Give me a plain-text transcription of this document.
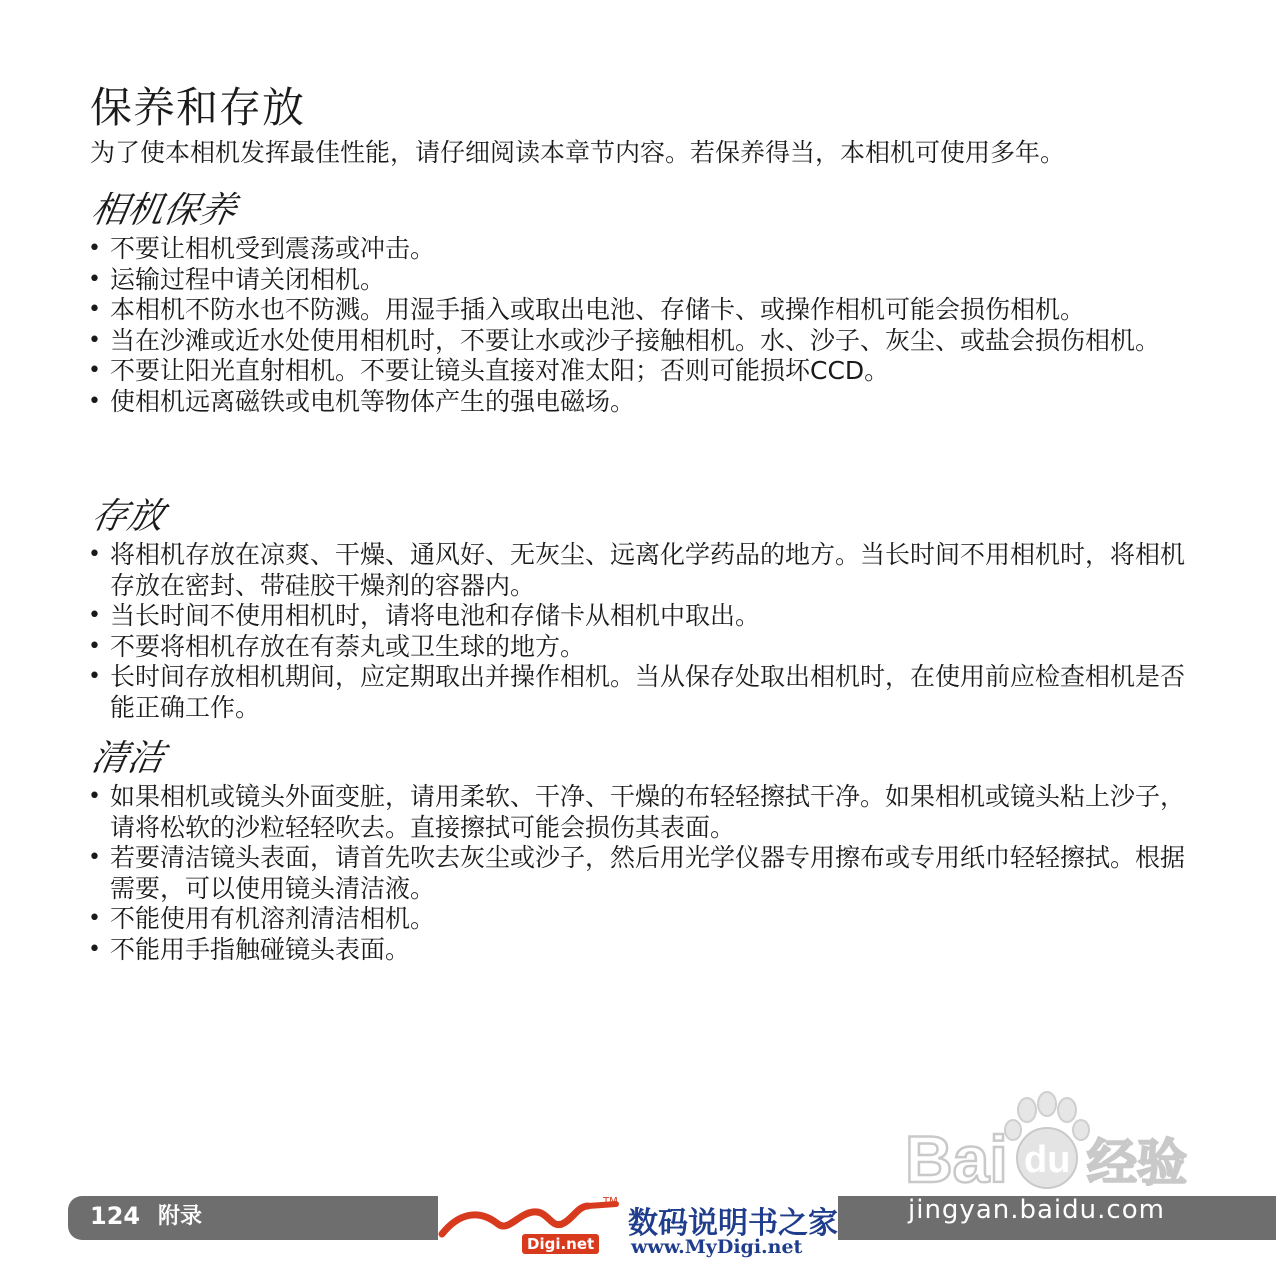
保养和存放

为了使本相机发挥最佳性能，请仔细阅读本章节内容。若保养得当，本相机可使用多年。

相机保养
• 不要让相机受到震荡或冲击。
• 运输过程中请关闭相机。
• 本相机不防水也不防溅。用湿手插入或取出电池、存储卡、或操作相机可能会损伤相机。
• 当在沙滩或近水处使用相机时，不要让水或沙子接触相机。水、沙子、灰尘、或盐会损伤相机。
• 不要让阳光直射相机。不要让镜头直接对准太阳；否则可能损坏CCD。
• 使相机远离磁铁或电机等物体产生的强电磁场。
存放
• 将相机存放在凉爽、干燥、通风好、无灰尘、远离化学药品的地方。当长时间不用相机时，将相机存放在密封、带硅胶干燥剂的容器内。
• 当长时间不使用相机时，请将电池和存储卡从相机中取出。
• 不要将相机存放在有萘丸或卫生球的地方。
• 长时间存放相机期间，应定期取出并操作相机。当从保存处取出相机时，在使用前应检查相机是否能正确工作。
清洁
• 如果相机或镜头外面变脏，请用柔软、干净、干燥的布轻轻擦拭干净。如果相机或镜头粘上沙子，请将松软的沙粒轻轻吹去。直接擦拭可能会损伤其表面。
• 若要清洁镜头表面，请首先吹去灰尘或沙子，然后用光学仪器专用擦布或专用纸巾轻轻擦拭。根据需要，可以使用镜头清洁液。
• 不能使用有机溶剂清洁相机。
• 不能用手指触碰镜头表面。
Bai du 经验
124 附录	jingyan.baidu.com
TM
Digi.net
数码说明书之家
www.MyDigi.net
